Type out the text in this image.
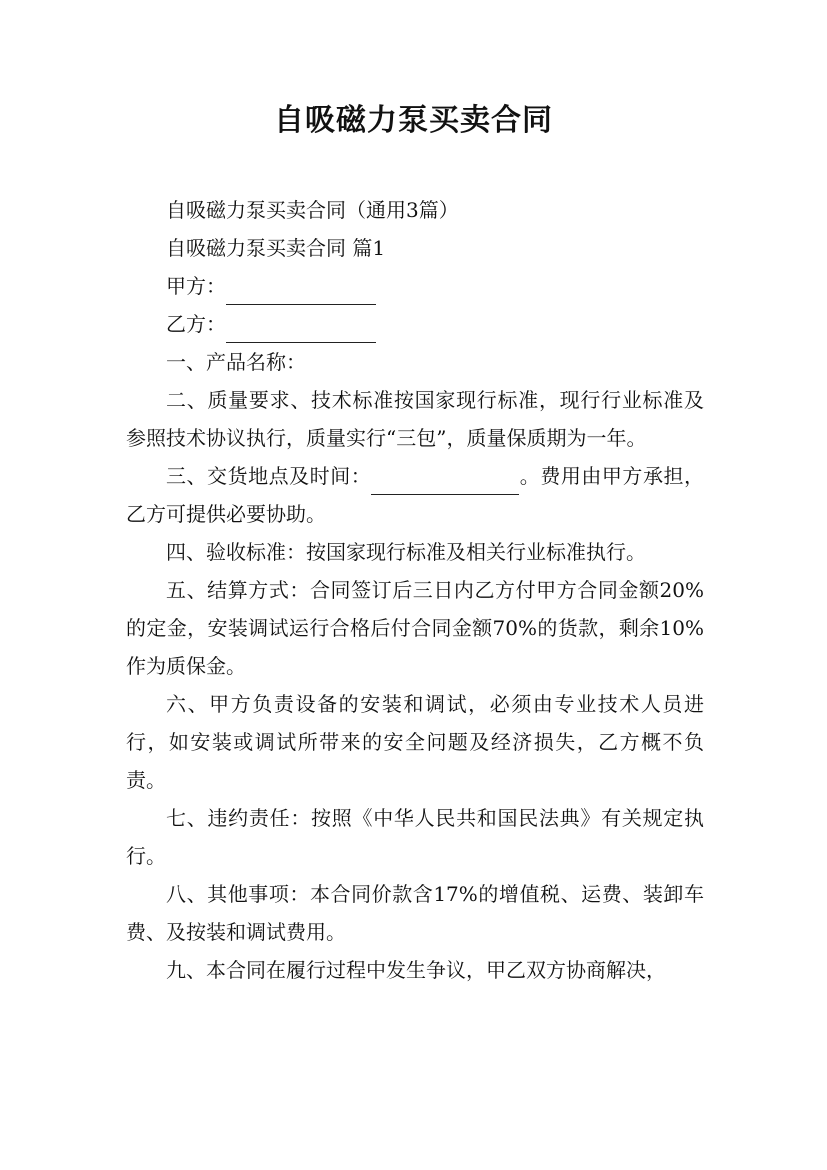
自吸磁力泵买卖合同

自吸磁力泵买卖合同（通用3篇）

自吸磁力泵买卖合同 篇1

甲方：

乙方：

一、产品名称：

二、质量要求、技术标准按国家现行标准，现行行业标准及参照技术协议执行，质量实行“三包”，质量保质期为一年。

三、交货地点及时间：	。费用由甲方承担，乙方可提供必要协助。

四、验收标准：按国家现行标准及相关行业标准执行。

五、结算方式：合同签订后三日内乙方付甲方合同金额20%的定金，安装调试运行合格后付合同金额70%的货款，剩余10%作为质保金。

六、甲方负责设备的安装和调试，必须由专业技术人员进行，如安装或调试所带来的安全问题及经济损失，乙方概不负责。

七、违约责任：按照《中华人民共和国民法典》有关规定执行。

八、其他事项：本合同价款含17%的增值税、运费、装卸车费、及按装和调试费用。

九、本合同在履行过程中发生争议，甲乙双方协商解决，
